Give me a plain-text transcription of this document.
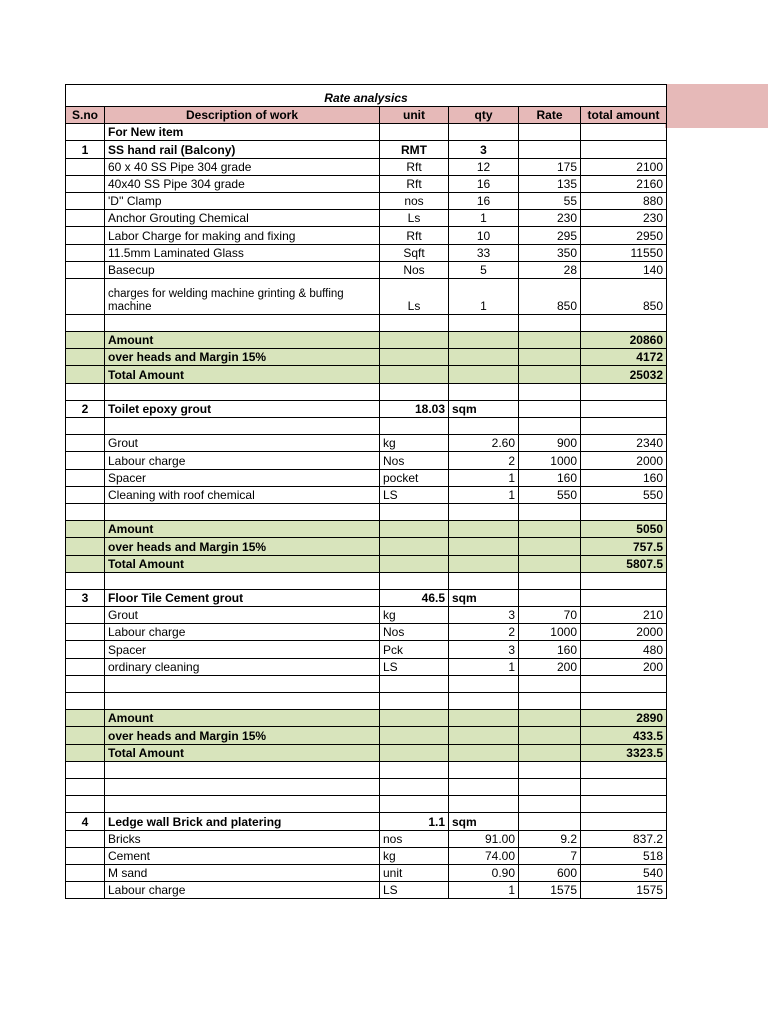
Rate analysics					
S.no	Description of work	unit	qty	Rate	total amount
	For New item				
1	SS hand rail (Balcony)	RMT	3		
	60 x 40 SS Pipe 304 grade	Rft	12	175	2100
	40x40 SS Pipe 304 grade	Rft	16	135	2160
	'D'' Clamp	nos	16	55	880
	Anchor Grouting Chemical	Ls	1	230	230
	Labor Charge for making and fixing	Rft	10	295	2950
	11.5mm Laminated Glass	Sqft	33	350	11550
	Basecup	Nos	5	28	140
	charges for welding machine grinting & buffing machine	Ls	1	850	850

	Amount				20860
	over heads and Margin 15%				4172
	Total Amount				25032

2	Toilet epoxy grout	18.03	sqm		

	Grout	kg	2.60	900	2340
	Labour charge	Nos	2	1000	2000
	Spacer	pocket	1	160	160
	Cleaning with roof chemical	LS	1	550	550

	Amount				5050
	over heads and Margin 15%				757.5
	Total Amount				5807.5

3	Floor Tile Cement grout	46.5	sqm		
	Grout	kg	3	70	210
	Labour charge	Nos	2	1000	2000
	Spacer	Pck	3	160	480
	ordinary cleaning	LS	1	200	200

	Amount				2890
	over heads and Margin 15%				433.5
	Total Amount				3323.5

4	Ledge wall Brick and platering	1.1	sqm		
	Bricks	nos	91.00	9.2	837.2
	Cement	kg	74.00	7	518
	M sand	unit	0.90	600	540
	Labour charge	LS	1	1575	1575
